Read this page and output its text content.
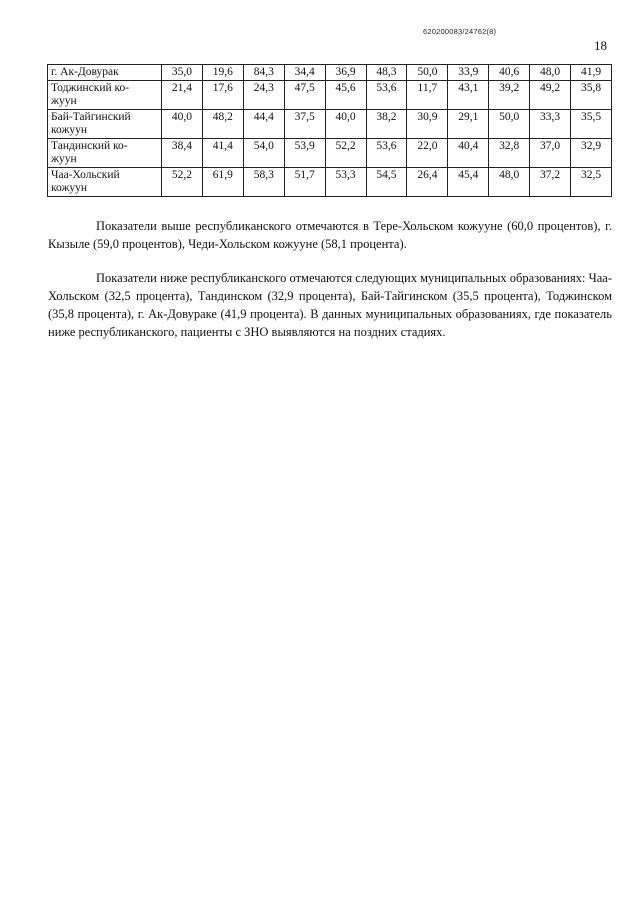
620200083/24762(8)
18
г. Ак-Довурак	35,0	19,6	84,3	34,4	36,9	48,3	50,0	33,9	40,6	48,0	41,9
Тоджинский ко-
жуун	21,4	17,6	24,3	47,5	45,6	53,6	11,7	43,1	39,2	49,2	35,8
Бай-Тайгинский
кожуун	40,0	48,2	44,4	37,5	40,0	38,2	30,9	29,1	50,0	33,3	35,5
Тандинский ко-
жуун	38,4	41,4	54,0	53,9	52,2	53,6	22,0	40,4	32,8	37,0	32,9
Чаа-Хольский
кожуун	52,2	61,9	58,3	51,7	53,3	54,5	26,4	45,4	48,0	37,2	32,5

Показатели выше республиканского отмечаются в Тере-Хольском кожууне (60,0 процентов), г. Кызыле (59,0 процентов), Чеди-Хольском кожууне (58,1 процента).

Показатели ниже республиканского отмечаются следующих муниципальных образованиях: Чаа-Хольском (32,5 процента), Тандинском (32,9 процента), Бай-Тайгинском (35,5 процента), Тоджинском (35,8 процента), г. Ак-Довураке (41,9 процента). В данных муниципальных образованиях, где показатель ниже республиканского, пациенты с ЗНО выявляются на поздних стадиях.
